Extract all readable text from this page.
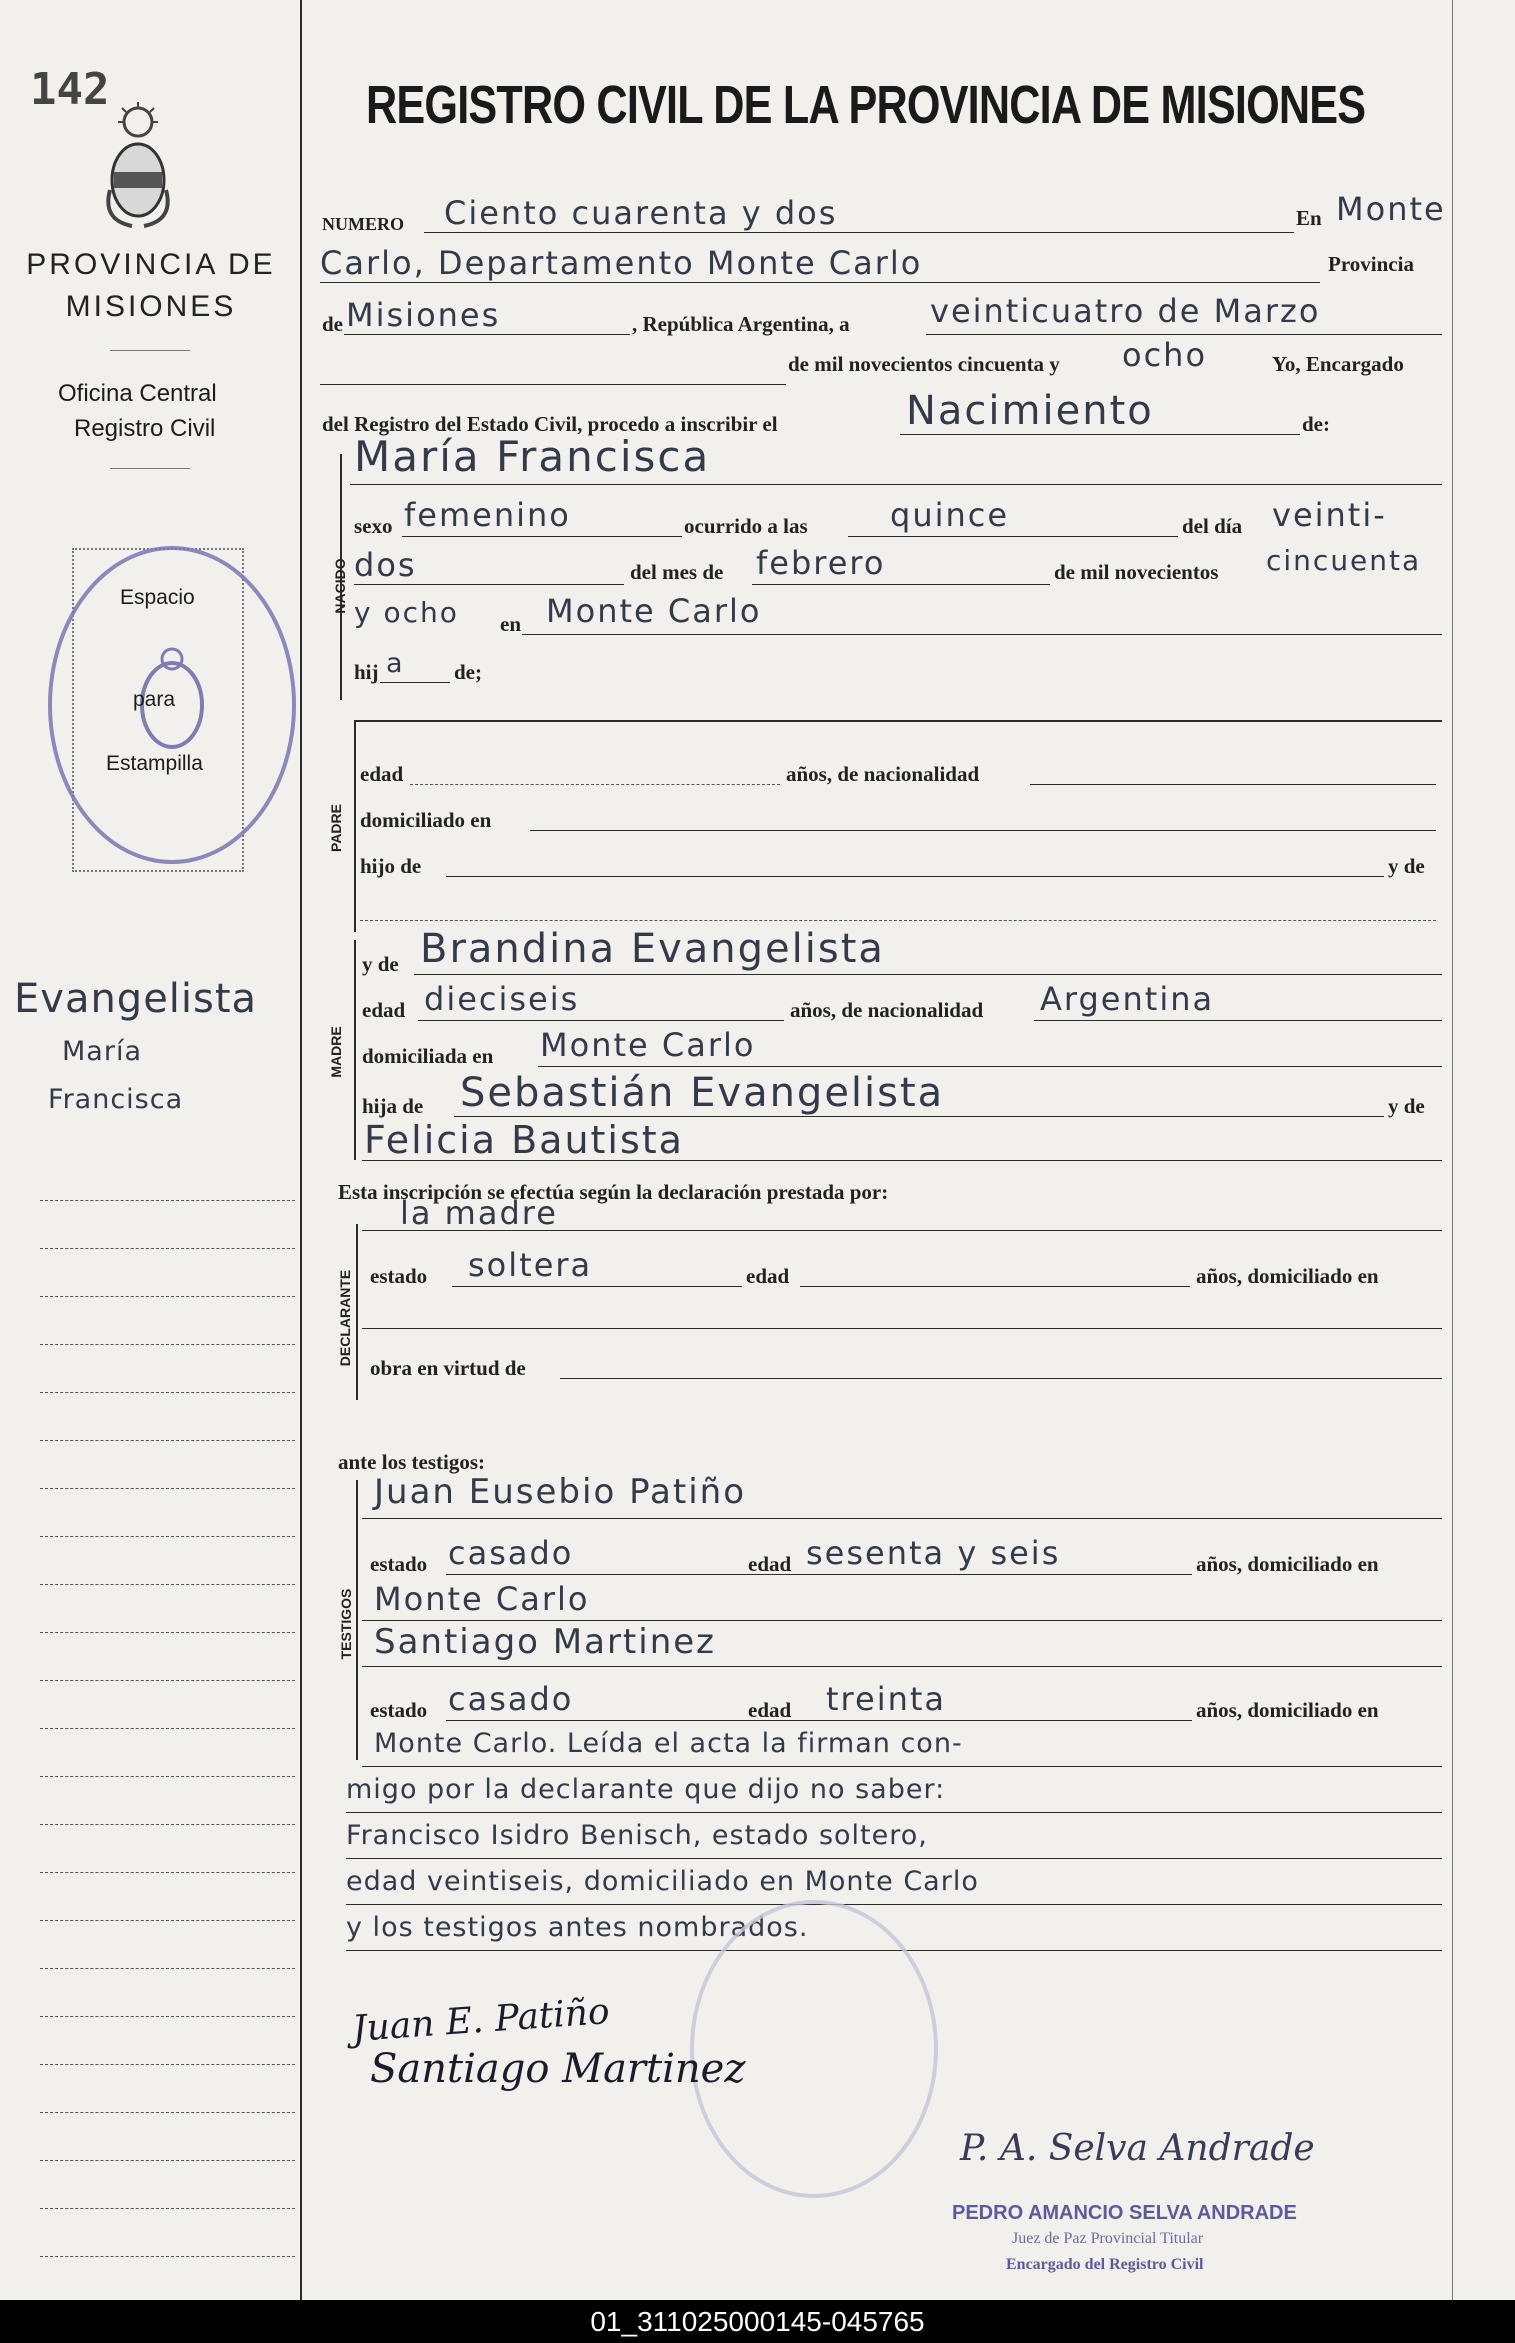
142
PROVINCIA DE MISIONES
Oficina Central
Registro Civil
Espacio
para
Estampilla
Evangelista
María
Francisca
REGISTRO CIVIL DE LA PROVINCIA DE MISIONES
NUMERO Ciento cuarenta y dos	En Monte
Carlo, Departamento Monte Carlo	Provincia
de Misiones	, República Argentina, a	veinticuatro de Marzo
de mil novecientos cincuenta y ocho	Yo, Encargado
del Registro del Estado Civil, procedo a inscribir el	Nacimiento	de:
NACIDO
María Francisca
sexo femenino	ocurrido a las	quince	del día veinti-
dos	del mes de febrero	de mil novecientos cincuenta
y ocho en Monte Carlo
hij a de;
PADRE
edad	años, de nacionalidad
domiciliado en
hijo de	y de
MADRE
y de Brandina Evangelista
edad dieciseis	años, de nacionalidad Argentina
domiciliada en Monte Carlo
hija de Sebastián Evangelista	y de
Felicia Bautista
Esta inscripción se efectúa según la declaración prestada por:
DECLARANTE
la madre
estado soltera	edad	años, domiciliado en
obra en virtud de
ante los testigos:
TESTIGOS
Juan Eusebio Patiño
estado casado	edad sesenta y seis	años, domiciliado en
Monte Carlo
Santiago Martinez
estado casado	edad treinta	años, domiciliado en
Monte Carlo. Leída el acta la firman con-
migo por la declarante que dijo no saber:
Francisco Isidro Benisch, estado soltero,
edad veintiseis, domiciliado en Monte Carlo
y los testigos antes nombrados.
Juan E. Patiño
Santiago Martinez
P. A. Selva Andrade
PEDRO AMANCIO SELVA ANDRADE
Juez de Paz Provincial Titular
Encargado del Registro Civil
01_311025000145-045765
